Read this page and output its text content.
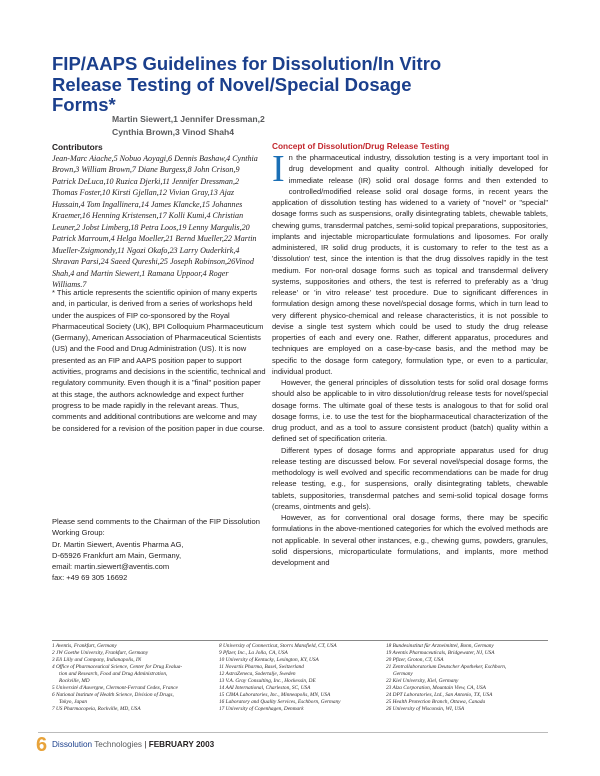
FIP/AAPS Guidelines for Dissolution/In Vitro Release Testing of Novel/Special Dosage Forms*
Martin Siewert,1 Jennifer Dressman,2
Cynthia Brown,3 Vinod Shah4
Contributors
Jean-Marc Aiache,5 Nobuo Aoyagi,6 Dennis Bashaw,4 Cynthia Brown,3 William Brown,7 Diane Burgess,8 John Crison,9 Patrick DeLuca,10 Ruzica Djerki,11 Jennifer Dressman,2 Thomas Foster,10 Kirsti Gjellan,12 Vivian Gray,13 Ajaz Hussain,4 Tom Ingallinera,14 James Klancke,15 Johannes Kraemer,16 Henning Kristensen,17 Kolli Kumi,4 Christian Leuner,2 Jobst Limberg,18 Petra Loos,19 Lenny Margulis,20 Patrick Marroum,4 Helga Moeller,21 Bernd Mueller,22 Martin Mueller-Zsigmondy,11 Ngozi Okafo,23 Larry Ouderkirk,4 Shravan Parsi,24 Saeed Qureshi,25 Joseph Robinson,26Vinod Shah,4 and Martin Siewert,1 Ramana Uppoor,4 Roger Williams.7
* This article represents the scientific opinion of many experts and, in particular, is derived from a series of workshops held under the auspices of FIP co-sponsored by the Royal Pharmaceutical Society (UK), BPI Colloquium Pharmaceuticum (Germany), American Association of Pharmaceutical Scientists (US) and the Food and Drug Administration (US). It is now presented as an FIP and AAPS position paper to support activities, programs and decisions in the scientific, technical and regulatory community. Even though it is a "final" position paper at this stage, the authors acknowledge and expect further progress to be made rapidly in the relevant areas. Thus, comments and additional contributions are welcome and may be considered for a revision of the position paper in due course.

Please send comments to the Chairman of the FIP Dissolution Working Group:

Dr. Martin Siewert, Aventis Pharma AG,

D-65926 Frankfurt am Main, Germany,

email: martin.siewert@aventis.com

fax: +49 69 305 16692

Concept of Dissolution/Drug Release Testing

In the pharmaceutical industry, dissolution testing is a very important tool in drug development and quality control. Although initially developed for immediate release (IR) solid oral dosage forms and then extended to controlled/modified release solid oral dosage forms, in recent years the application of dissolution testing has widened to a variety of "novel" or "special" dosage forms such as suspensions, orally disintegrating tablets, chewable tablets, chewing gums, transdermal patches, semi-solid topical preparations, suppositories, implants and injectable microparticulate formulations and liposomes. For orally administered, IR solid drug products, it is customary to refer to the test as a 'dissolution' test, since the intention is that the drug dissolves rapidly in the test medium. For non-oral dosage forms such as topical and transdermal delivery systems, suppositories and others, the test is referred to preferably as a 'drug release' or 'in vitro release' test procedure. Due to significant differences in formulation design among these novel/special dosage forms, which in turn lead to very different physico-chemical and release characteristics, it is not possible to devise a single test system which could be used to study the drug release properties of each and every one. Rather, different apparatus, procedures and techniques are employed on a case-by-case basis, and the method may be specific to the dosage form category, formulation type, or even to a particular, individual product.

However, the general principles of dissolution tests for solid oral dosage forms should also be applicable to in vitro dissolution/drug release tests for novel/special dosage forms. The ultimate goal of these tests is analogous to that for solid oral dosage forms, i.e. to use the test for the biopharmaceutical characterization of the drug product, and as a tool to assure consistent product (batch) quality within a defined set of specification criteria.

Different types of dosage forms and appropriate apparatus used for drug release testing are discussed below. For several novel/special dosage forms, the methodology is well evolved and specific recommendations can be made for drug release testing, e.g., for suspensions, orally disintegrating tablets, chewable tablets, suppositories, transdermal patches and semi-solid topical dosage forms (creams, ointments and gels).

However, as for conventional oral dosage forms, there may be specific formulations in the above-mentioned categories for which the evolved methods are not applicable. In several other instances, e.g., chewing gums, powders, granules, solid dispersions, microparticulate formulations, and implants, more method development and

1 Aventis, Frankfurt, Germany
2 JW Goethe University, Frankfurt, Germany
3 Eli Lilly and Company, Indianapolis, IN
4 Office of Pharmaceutical Science, Center for Drug Evalua-
tion and Research, Food and Drug Administration,
Rockville, MD
5 Université d'Auvergne, Clermont-Ferrand Cedex, France
6 National Institute of Health Science, Division of Drugs,
Tokyo, Japan
7 US Pharmacopeia, Rockville, MD, USA
8 University of Connecticut, Storrs Mansfield, CT, USA
9 Pfizer, Inc., La Jolla, CA, USA
10 University of Kentucky, Lexington, KY, USA
11 Novartis Pharma, Basel, Switzerland
12 AstraZeneca, Sodertalje, Sweden
13 V.A. Gray Consulting, Inc., Hockessin, DE
14 AAI International, Charleston, SC, USA
15 CIMA Laboratories, Inc., Minneapolis, MN, USA
16 Laboratory and Quality Services, Eschborn, Germany
17 University of Copenhagen, Denmark
18 Bundesinstitut für Arzneimittel, Bonn, Germany
19 Aventis Pharmaceuticals, Bridgewater, NJ, USA
20 Pfizer, Groton, CT, USA
21 Zentrallaboratorium Deutscher Apotheker, Eschborn,
Germany
22 Kiel University, Kiel, Germany
23 Alza Corporation, Mountain View, CA, USA
24 DPT Laboratories, Ltd., San Antonio, TX, USA
25 Health Protection Branch, Ottawa, Canada
26 University of Wisconsin, WI, USA
6 Dissolution Technologies | FEBRUARY 2003
